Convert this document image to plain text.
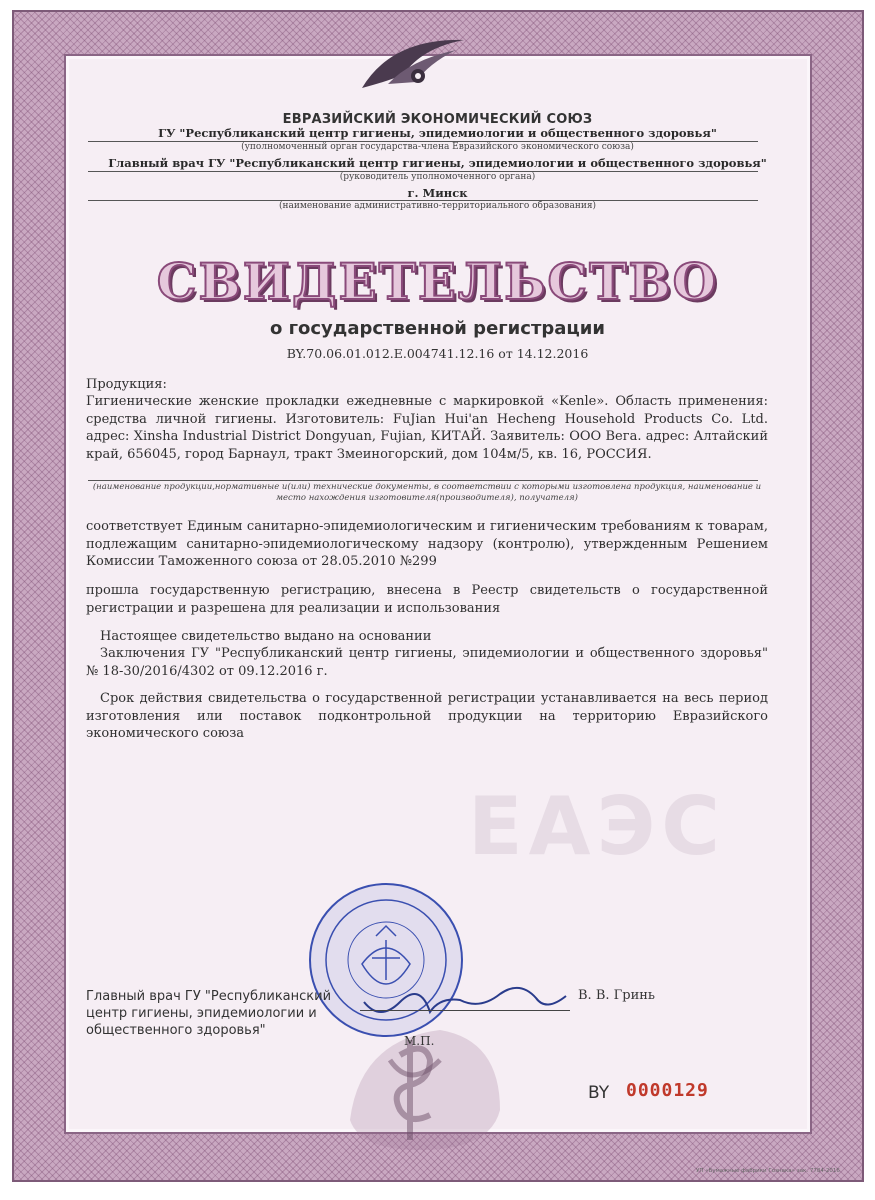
ЕВРАЗИЙСКИЙ ЭКОНОМИЧЕСКИЙ СОЮЗ
ГУ "Республиканский центр гигиены, эпидемиологии и общественного здоровья"
(уполномоченный орган государства-члена Евразийского экономического союза)
Главный врач ГУ "Республиканский центр гигиены, эпидемиологии и общественного здоровья"
(руководитель уполномоченного органа)
г. Минск
(наименование административно-территориального образования)
СВИДЕТЕЛЬСТВО
о государственной регистрации
BY.70.06.01.012.E.004741.12.16 от 14.12.2016
Продукция:
Гигиенические женские прокладки ежедневные с маркировкой «Kenle». Область применения: средства личной гигиены. Изготовитель: FuJian Hui'an Hecheng Household Products Co. Ltd. адрес: Xinsha Industrial District Dongyuan, Fujian, КИТАЙ. Заявитель: ООО Вега. адрес: Алтайский край, 656045, город Барнаул, тракт Змеиногорский, дом 104м/5, кв. 16, РОССИЯ.
(наименование продукции,нормативные и(или) технические документы, в соответствии с которыми изготовлена продукция, наименование и место нахождения изготовителя(производителя), получателя)
соответствует Единым санитарно-эпидемиологическим и гигиеническим требованиям к товарам, подлежащим санитарно-эпидемиологическому надзору (контролю), утвержденным Решением Комиссии Таможенного союза от 28.05.2010 №299
прошла государственную регистрацию, внесена в Реестр свидетельств о государственной регистрации и разрешена для реализации и использования
Настоящее свидетельство выдано на основании
Заключения ГУ "Республиканский центр гигиены, эпидемиологии и общественного здоровья" № 18-30/2016/4302 от 09.12.2016 г.
Срок действия свидетельства о государственной регистрации устанавливается на весь период изготовления или поставок подконтрольной продукции на территорию Евразийского экономического союза
ЕАЭС
Главный врач ГУ "Республиканский
центр гигиены, эпидемиологии и
общественного здоровья"
В. В. Гринь
М.П.
BY 0000129
УП «Бумажные фабрики Гознака» зак. 7784-2016
